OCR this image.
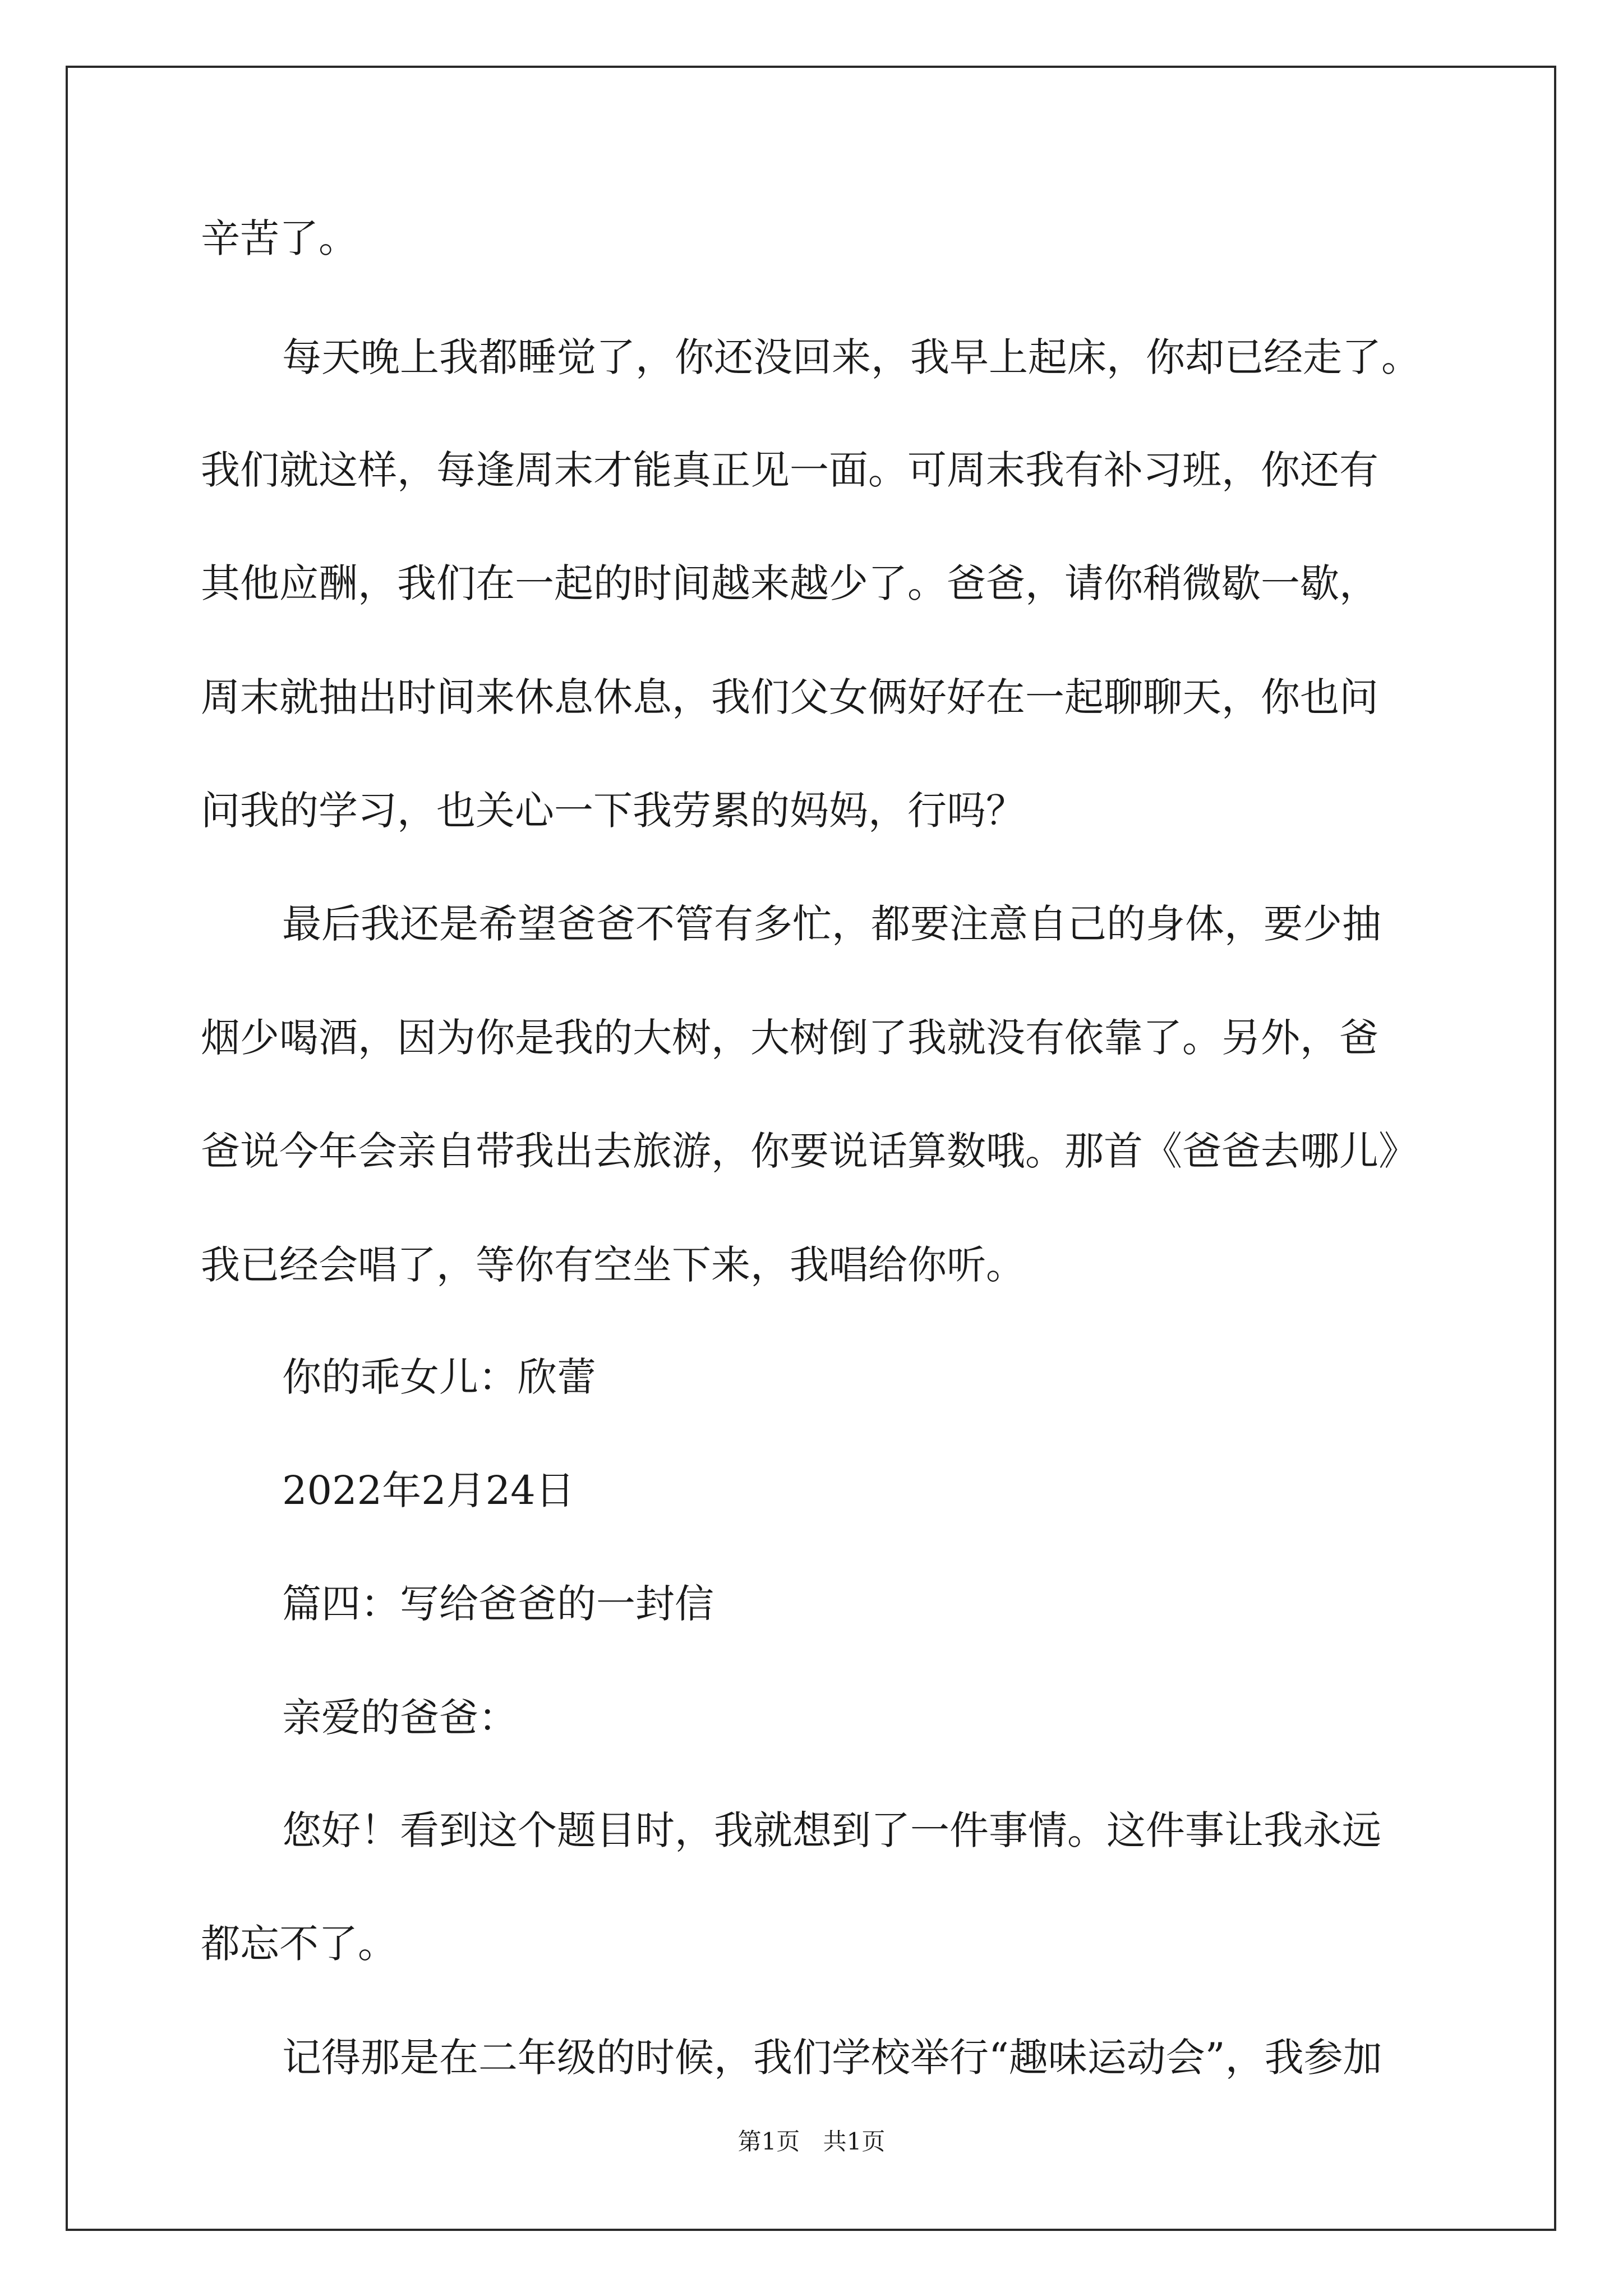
辛苦了。
每天晚上我都睡觉了，你还没回来，我早上起床，你却已经走了。
我们就这样，每逢周末才能真正见一面。可周末我有补习班，你还有
其他应酬，我们在一起的时间越来越少了。爸爸，请你稍微歇一歇，
周末就抽出时间来休息休息，我们父女俩好好在一起聊聊天，你也问
问我的学习，也关心一下我劳累的妈妈，行吗？
最后我还是希望爸爸不管有多忙，都要注意自己的身体，要少抽
烟少喝酒，因为你是我的大树，大树倒了我就没有依靠了。另外，爸
爸说今年会亲自带我出去旅游，你要说话算数哦。那首《爸爸去哪儿》
我已经会唱了，等你有空坐下来，我唱给你听。
你的乖女儿：欣蕾
2022年2月24日
篇四：写给爸爸的一封信
亲爱的爸爸：
您好！看到这个题目时，我就想到了一件事情。这件事让我永远
都忘不了。
记得那是在二年级的时候，我们学校举行“趣味运动会”，我参加
第1页 共1页
